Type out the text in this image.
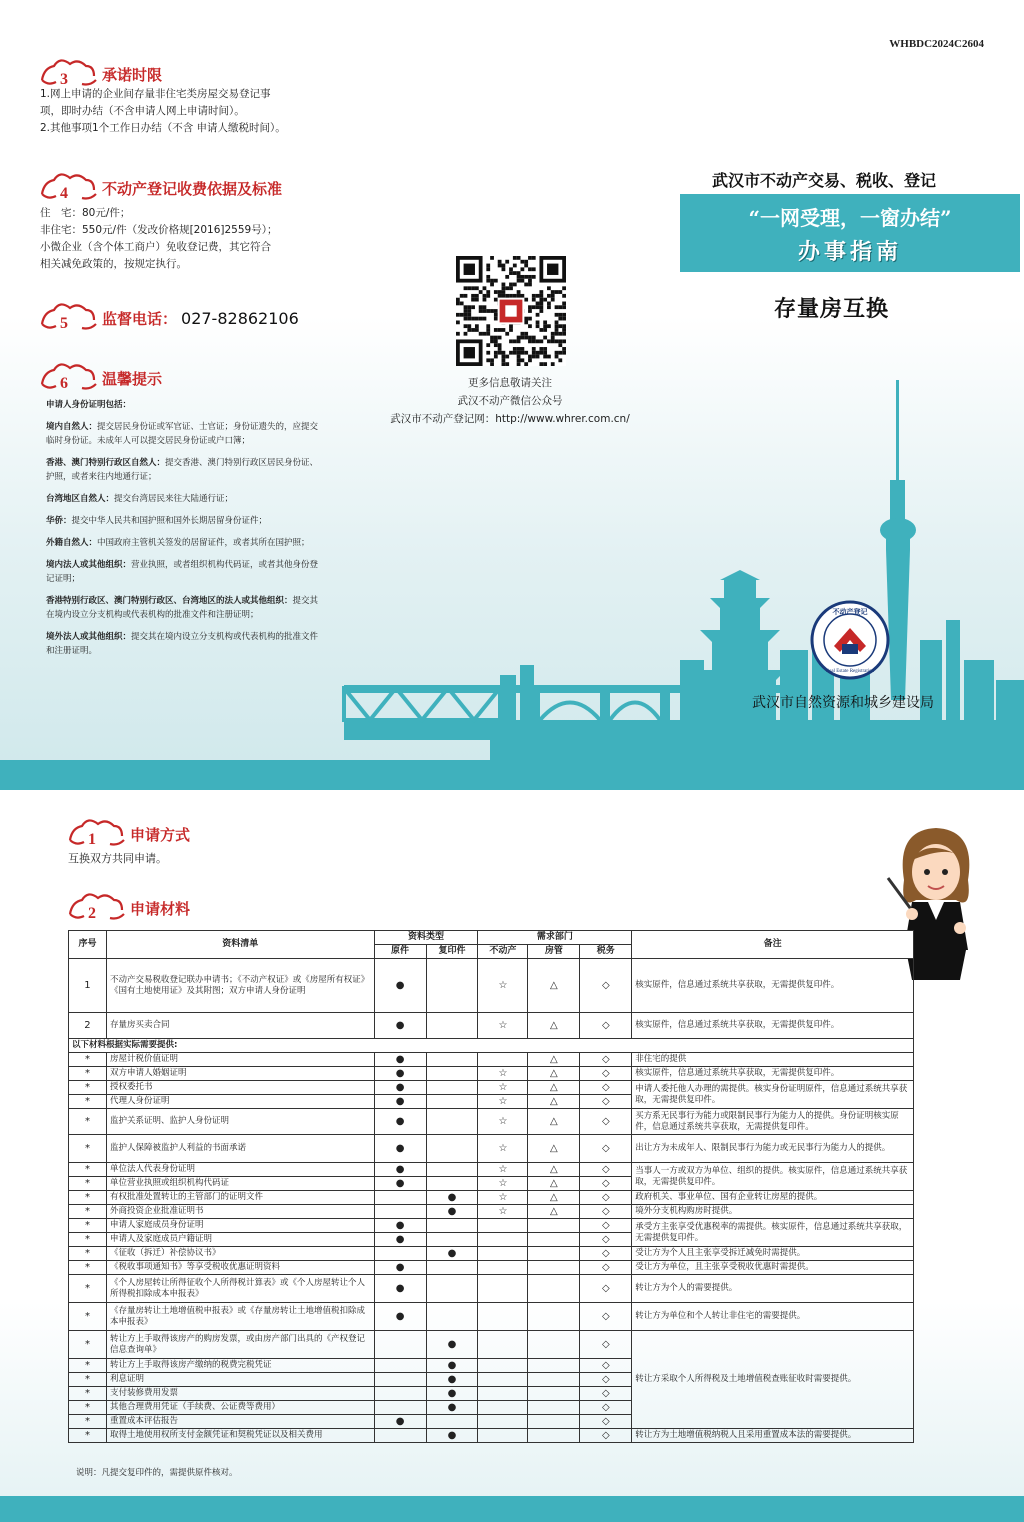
WHBDC2024C2604
3 承诺时限

1.网上申请的企业间存量非住宅类房屋交易登记事

项，即时办结（不含申请人网上申请时间）。

2.其他事项1个工作日办结（不含 申请人缴税时间）。

4 不动产登记收费依据及标准

住　宅：80元/件；

非住宅：550元/件（发改价格规[2016]2559号）；

小微企业（含个体工商户）免收登记费，其它符合

相关减免政策的，按规定执行。

5 监督电话： 027-82862106
6 温馨提示
申请人身份证明包括：
境内自然人：提交居民身份证或军官证、士官证；身份证遗失的，应提交临时身份证。未成年人可以提交居民身份证或户口簿；
香港、澳门特别行政区自然人：提交香港、澳门特别行政区居民身份证、护照，或者来往内地通行证；
台湾地区自然人：提交台湾居民来往大陆通行证；
华侨：提交中华人民共和国护照和国外长期居留身份证件；
外籍自然人：中国政府主管机关签发的居留证件，或者其所在国护照；
境内法人或其他组织：营业执照，或者组织机构代码证，或者其他身份登记证明；
香港特别行政区、澳门特别行政区、台湾地区的法人或其他组织：提交其在境内设立分支机构或代表机构的批准文件和注册证明；
境外法人或其他组织：提交其在境内设立分支机构或代表机构的批准文件和注册证明。
更多信息敬请关注
武汉不动产微信公众号
武汉市不动产登记网：http://www.whrer.com.cn/
武汉市不动产交易、税收、登记
“一网受理，一窗办结”
办事指南
存量房互换
不动产登记
Real Estate Registration
武汉市自然资源和城乡建设局
1 申请方式
互换双方共同申请。
2 申请材料
序号	资料清单	资料类型		需求部门			备注
		原件	复印件	不动产	房管	税务	
1	不动产交易税收登记联办申请书；《不动产权证》或《房屋所有权证》《国有土地使用证》及其附图；双方申请人身份证明	●		☆	△	◇	核实原件，信息通过系统共享获取，无需提供复印件。
2	存量房买卖合同	●		☆	△	◇	核实原件，信息通过系统共享获取，无需提供复印件。
以下材料根据实际需要提供:							
*	房屋计税价值证明	●			△	◇	非住宅的提供
*	双方申请人婚姻证明	●		☆	△	◇	核实原件，信息通过系统共享获取，无需提供复印件。
*	授权委托书	●		☆	△	◇	申请人委托他人办理的需提供。核实身份证明原件，信息通过系统共享获取，无需提供复印件。
*	代理人身份证明	●		☆	△	◇	
*	监护关系证明、监护人身份证明	●		☆	△	◇	买方系无民事行为能力或限制民事行为能力人的提供。身份证明核实原件，信息通过系统共享获取，无需提供复印件。
*	监护人保障被监护人利益的书面承诺	●		☆	△	◇	出让方为未成年人、限制民事行为能力或无民事行为能力人的提供。
*	单位法人代表身份证明	●		☆	△	◇	当事人一方或双方为单位、组织的提供。核实原件，信息通过系统共享获取，无需提供复印件。
*	单位营业执照或组织机构代码证	●		☆	△	◇	
*	有权批准处置转让的主管部门的证明文件		●	☆	△	◇	政府机关、事业单位、国有企业转让房屋的提供。
*	外商投资企业批准证明书		●	☆	△	◇	境外分支机构购房时提供。
*	申请人家庭成员身份证明	●				◇	承受方主张享受优惠税率的需提供。核实原件，信息通过系统共享获取，无需提供复印件。
*	申请人及家庭成员户籍证明	●				◇	
*	《征收（拆迁）补偿协议书》		●			◇	受让方为个人且主张享受拆迁减免时需提供。
*	《税收事项通知书》等享受税收优惠证明资料	●				◇	受让方为单位，且主张享受税收优惠时需提供。
*	《个人房屋转让所得征收个人所得税计算表》或《个人房屋转让个人所得税扣除成本申报表》	●				◇	转让方为个人的需要提供。
*	《存量房转让土地增值税申报表》或《存量房转让土地增值税扣除成本申报表》	●				◇	转让方为单位和个人转让非住宅的需要提供。
*	转让方上手取得该房产的购房发票，或由房产部门出具的《产权登记信息查询单》		●			◇	转让方采取个人所得税及土地增值税查账征收时需要提供。
*	转让方上手取得该房产缴纳的税费完税凭证		●			◇	
*	利息证明		●			◇	
*	支付装修费用发票		●			◇	
*	其他合理费用凭证（手续费、公证费等费用）		●			◇	
*	重置成本评估报告	●				◇	
*	取得土地使用权所支付金额凭证和契税凭证以及相关费用		●			◇	转让方为土地增值税纳税人且采用重置成本法的需要提供。
说明：凡提交复印件的，需提供原件核对。
